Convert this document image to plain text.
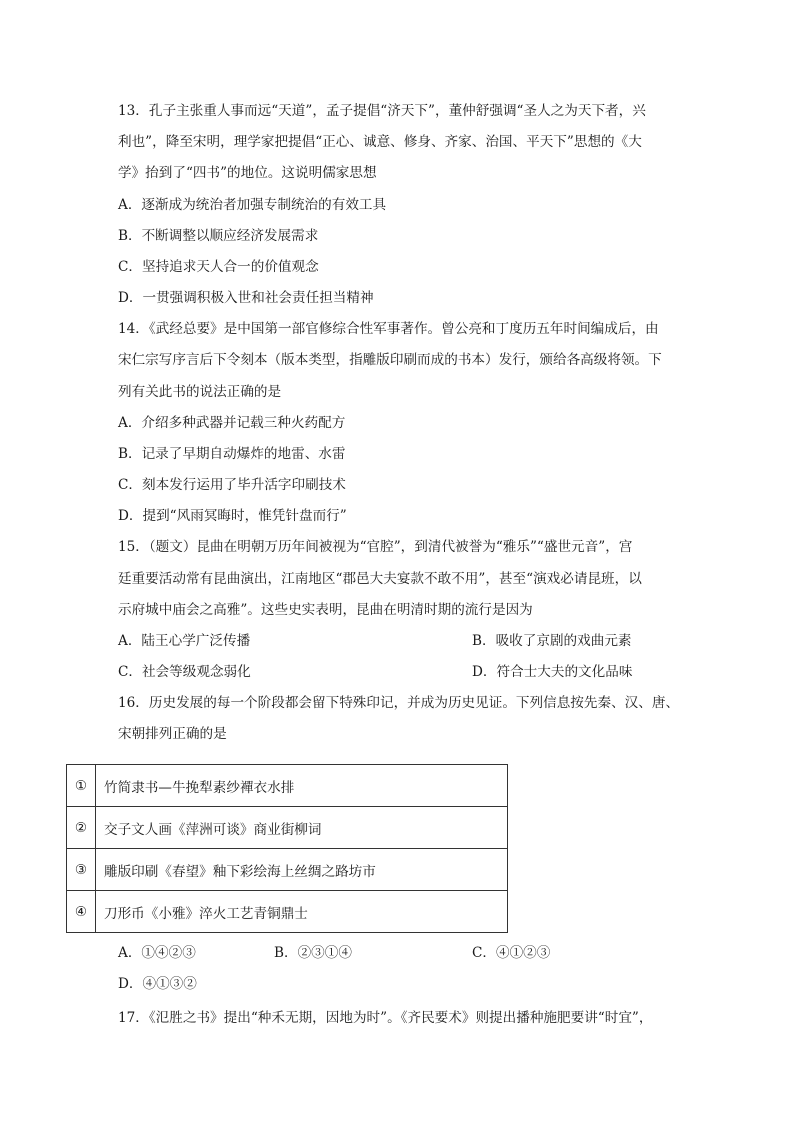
13．孔子主张重人事而远“天道”，孟子提倡“济天下”，董仲舒强调“圣人之为天下者，兴
利也”，降至宋明，理学家把提倡“正心、诚意、修身、齐家、治国、平天下”思想的《大
学》抬到了“四书”的地位。这说明儒家思想
A．逐渐成为统治者加强专制统治的有效工具
B．不断调整以顺应经济发展需求
C．坚持追求天人合一的价值观念
D．一贯强调积极入世和社会责任担当精神
14．《武经总要》是中国第一部官修综合性军事著作。曾公亮和丁度历五年时间编成后，由
宋仁宗写序言后下令刻本（版本类型，指雕版印刷而成的书本）发行，颁给各高级将领。下
列有关此书的说法正确的是
A．介绍多种武器并记载三种火药配方
B．记录了早期自动爆炸的地雷、水雷
C．刻本发行运用了毕升活字印刷技术
D．提到“风雨冥晦时，惟凭针盘而行”
15．（题文）昆曲在明朝万历年间被视为“官腔”，到清代被誉为“雅乐”“盛世元音”，宫
廷重要活动常有昆曲演出，江南地区“郡邑大夫宴款不敢不用”，甚至“演戏必请昆班，以
示府城中庙会之高雅”。这些史实表明，昆曲在明清时期的流行是因为
A．陆王心学广泛传播	B．吸收了京剧的戏曲元素
C．社会等级观念弱化	D．符合士大夫的文化品味
16．历史发展的每一个阶段都会留下特殊印记，并成为历史见证。下列信息按先秦、汉、唐、
宋朝排列正确的是
①	竹简隶书—牛挽犁素纱襌衣水排
②	交子文人画《萍洲可谈》商业街柳词
③	雕版印刷《春望》釉下彩绘海上丝绸之路坊市
④	刀形币《小雅》淬火工艺青铜鼎士
A．①④②③	B．②③①④	C．④①②③
D．④①③②
17．《氾胜之书》提出“种禾无期，因地为时”。《齐民要术》则提出播种施肥要讲“时宜”，
